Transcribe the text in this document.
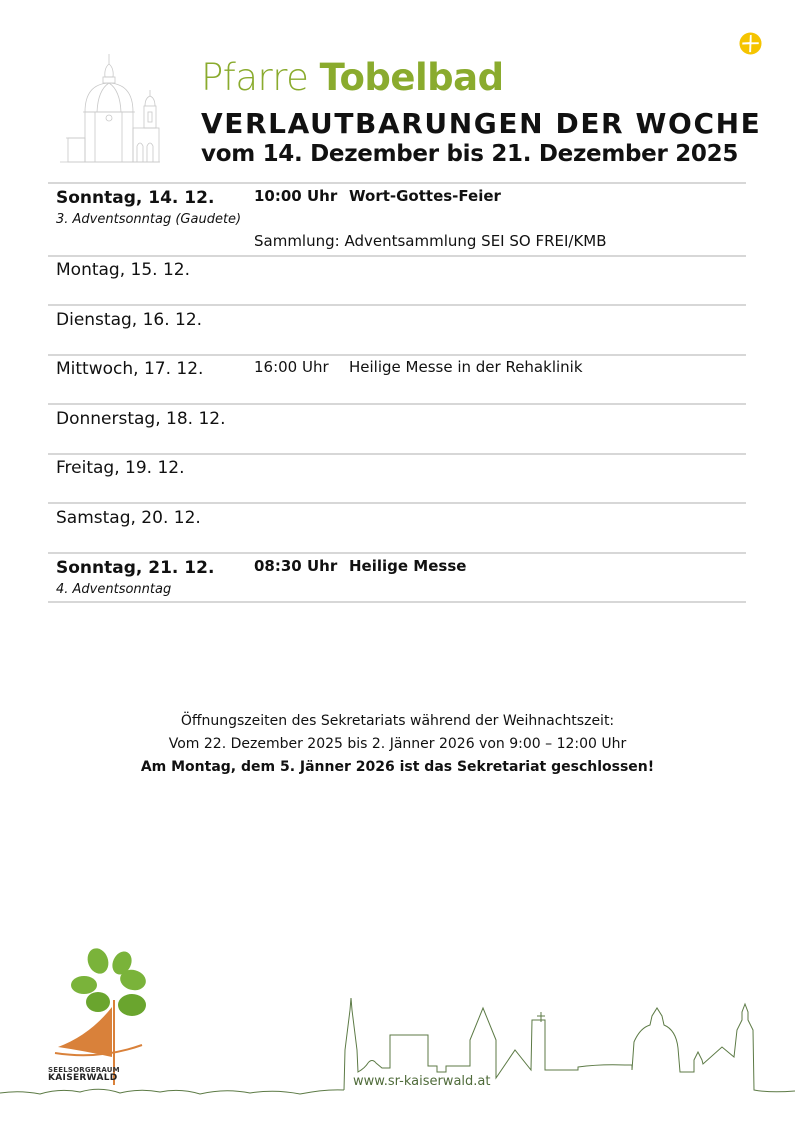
Pfarre Tobelbad
VERLAUTBARUNGEN DER WOCHE
vom 14. Dezember bis 21. Dezember 2025
Sonntag, 14. 12.
3. Adventsonntag (Gaudete)
10:00 Uhr Wort-Gottes-Feier
Sammlung: Adventsammlung SEI SO FREI/KMB
Montag, 15. 12.
Dienstag, 16. 12.
Mittwoch, 17. 12.	16:00 Uhr Heilige Messe in der Rehaklinik
Donnerstag, 18. 12.
Freitag, 19. 12.
Samstag, 20. 12.
Sonntag, 21. 12.
4. Adventsonntag
08:30 Uhr Heilige Messe
Öffnungszeiten des Sekretariats während der Weihnachtszeit:
Vom 22. Dezember 2025 bis 2. Jänner 2026 von 9:00 – 12:00 Uhr
Am Montag, dem 5. Jänner 2026 ist das Sekretariat geschlossen!
www.sr-kaiserwald.at
SEELSORGERAUM
KAISERWALD
